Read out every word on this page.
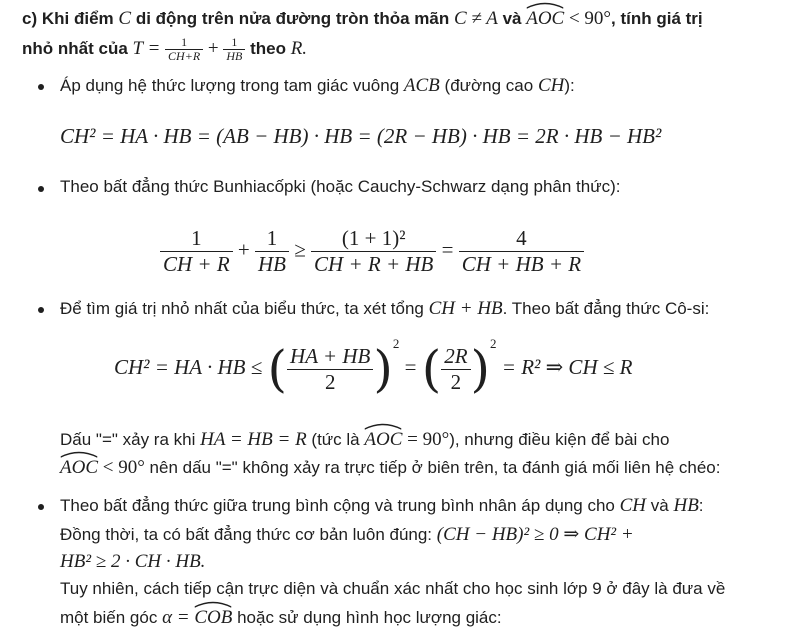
c) Khi điểm C di động trên nửa đường tròn thỏa mãn C ≠ A và AOC < 90°, tính giá trị
nhỏ nhất của $T = \frac{1}{CH+R} + \frac{1}{HB}$ theo R.
Áp dụng hệ thức lượng trong tam giác vuông ACB (đường cao CH):
CH² = HA · HB = (AB − HB) · HB = (2R − HB) · HB = 2R · HB − HB²
Theo bất đẳng thức Bunhiacốpki (hoặc Cauchy-Schwarz dạng phân thức):
$\frac{1}{CH + R} + \frac{1}{HB} \ge \frac{\text{(1 + 1)²}}{CH + R + HB} = \frac{4}{CH + HB + R}$
Để tìm giá trị nhỏ nhất của biểu thức, ta xét tổng CH + HB. Theo bất đẳng thức Cô-si:
CH² = HA · HB ≤ ( $\frac{HA + HB}{2} )^2$ = ( $\frac{2R}{2} )^2 = R^2$ ⇒ CH ≤ R
Dấu "=" xảy ra khi HA = HB = R (tức là AOC = 90°), nhưng điều kiện để bài cho
AOC < 90° nên dấu "=" không xảy ra trực tiếp ở biên trên, ta đánh giá mối liên hệ chéo:
Theo bất đẳng thức giữa trung bình cộng và trung bình nhân áp dụng cho CH và HB:
Đồng thời, ta có bất đẳng thức cơ bản luôn đúng: (CH − HB)² ≥ 0 ⇒ CH² +
HB² ≥ 2 · CH · HB.
Tuy nhiên, cách tiếp cận trực diện và chuẩn xác nhất cho học sinh lớp 9 ở đây là đưa về
một biến góc α = COB hoặc sử dụng hình học lượng giác:
